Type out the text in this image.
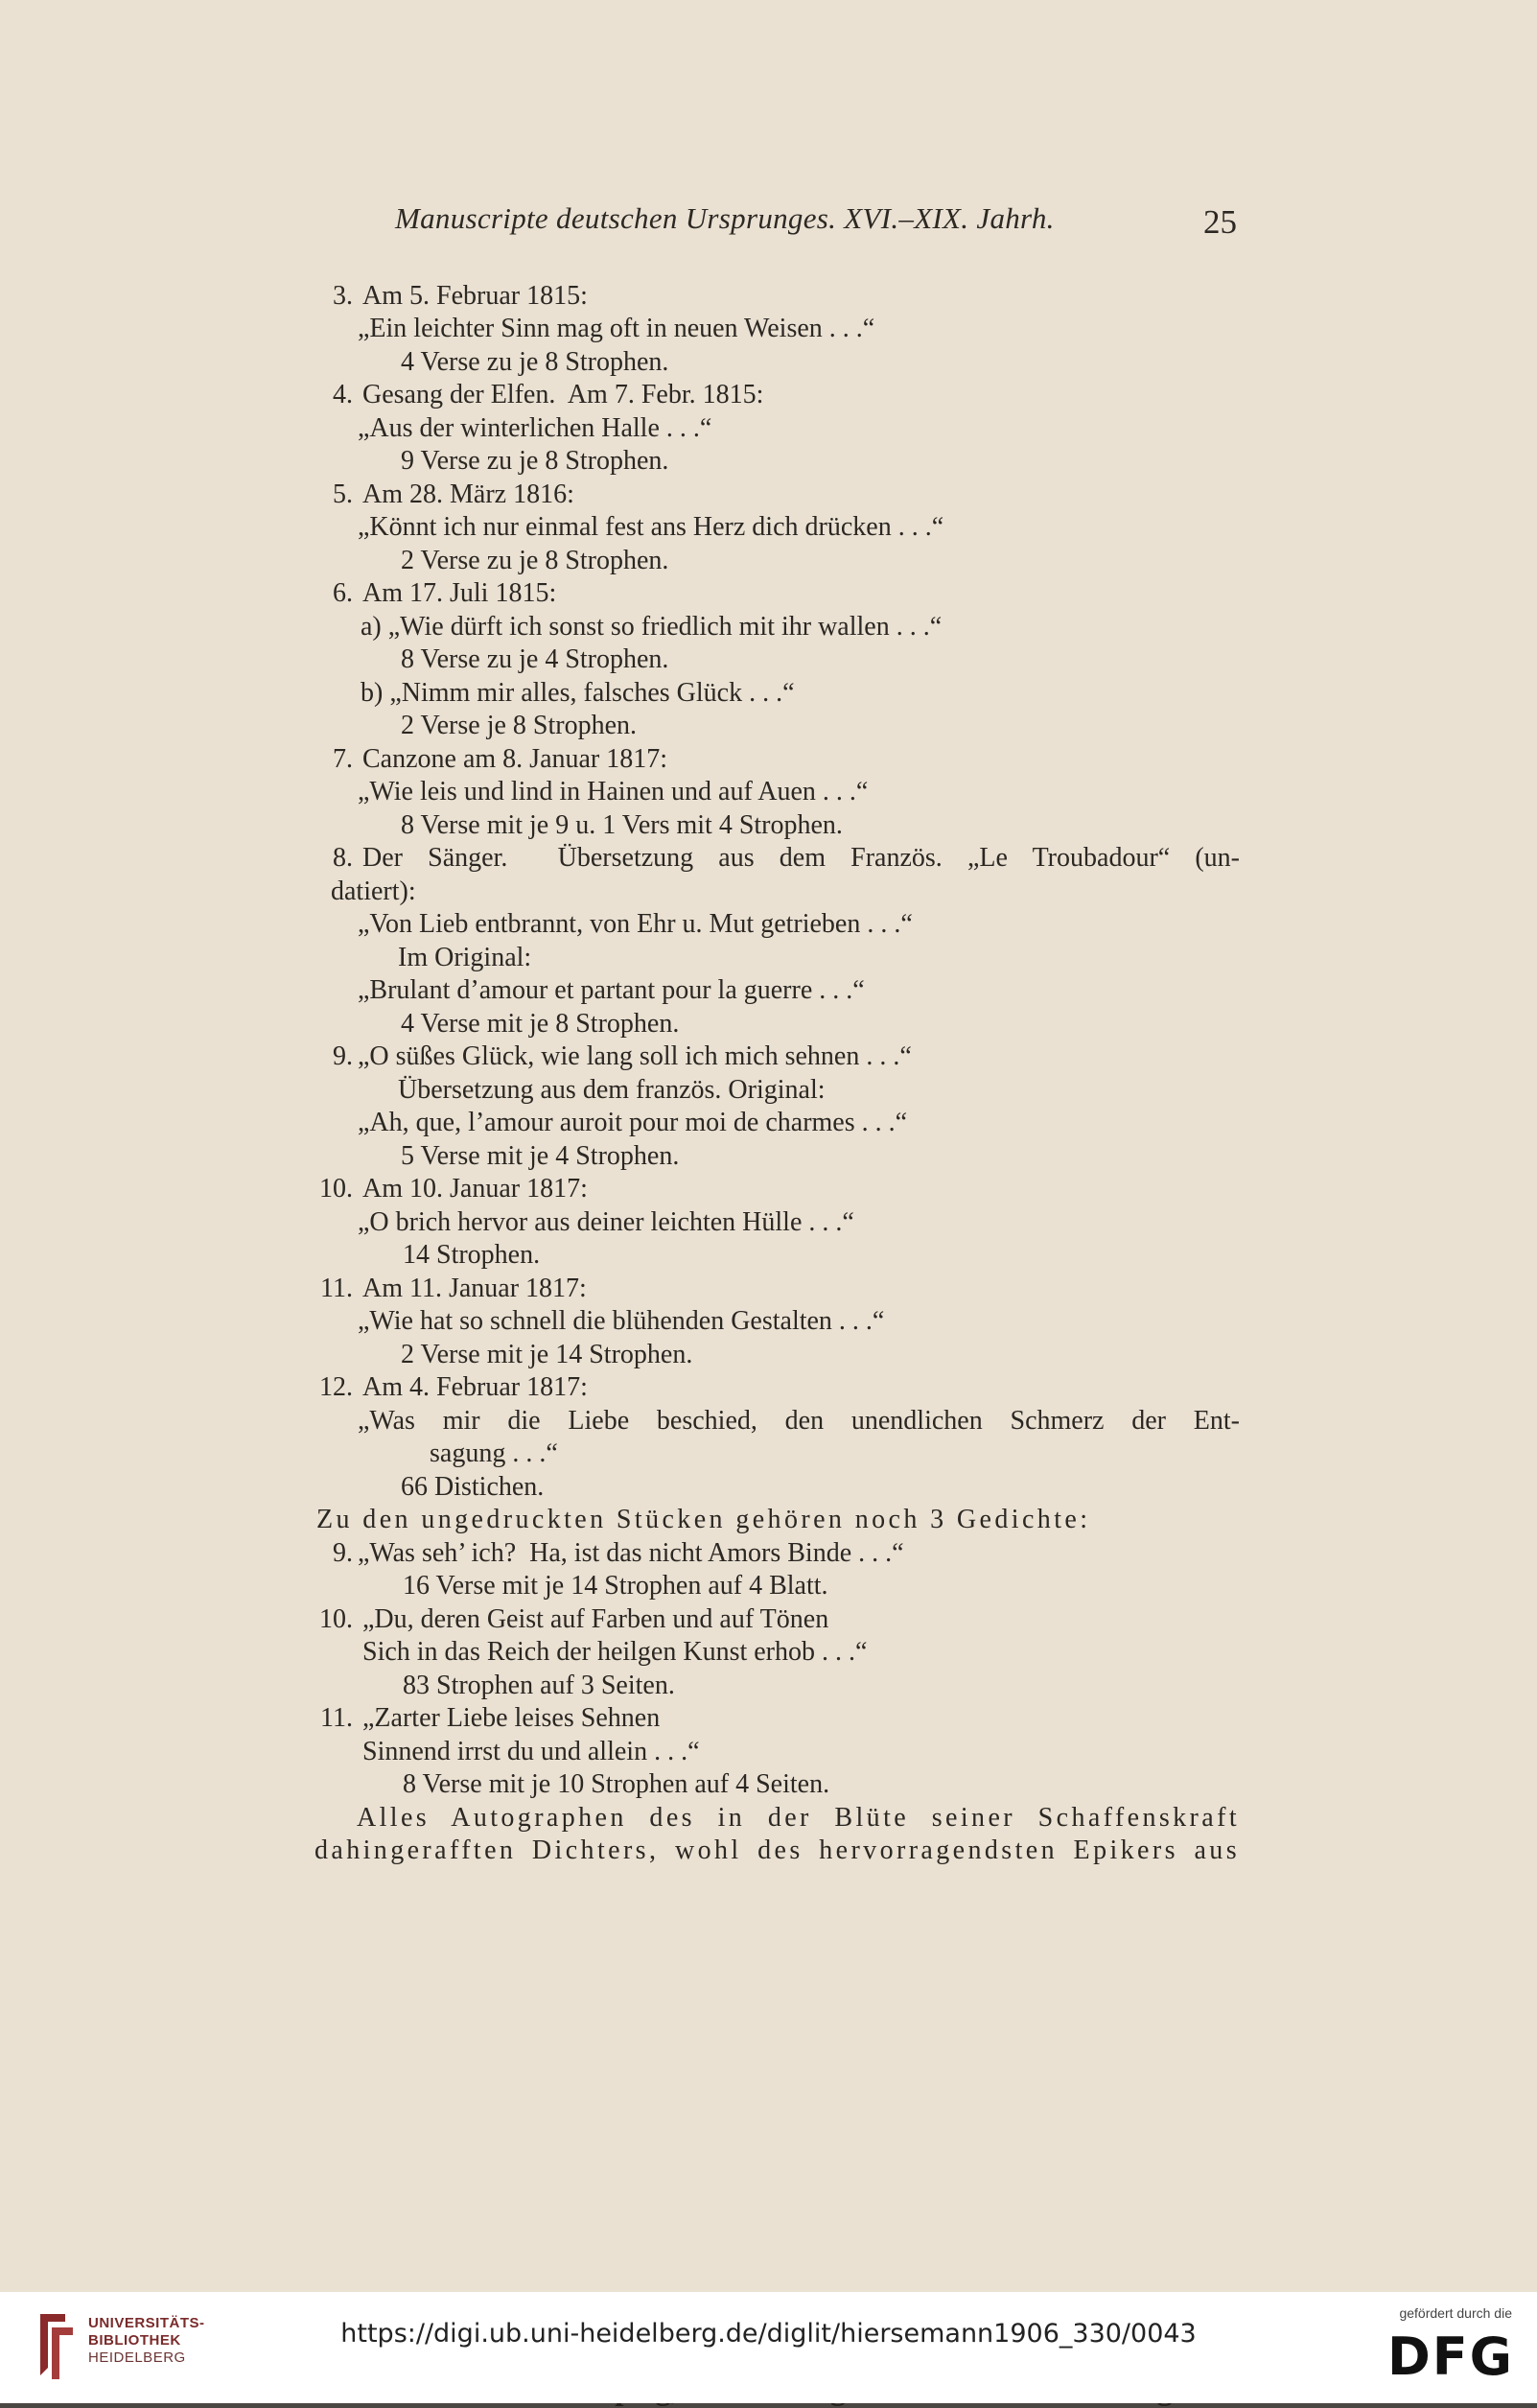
Manuscripte deutschen Ursprunges. XVI.–XIX. Jahrh.	25
3. Am 5. Februar 1815:
„Ein leichter Sinn mag oft in neuen Weisen . . .“
4 Verse zu je 8 Strophen.
4. Gesang der Elfen.  Am 7. Febr. 1815:
„Aus der winterlichen Halle . . .“
9 Verse zu je 8 Strophen.
5. Am 28. März 1816:
„Könnt ich nur einmal fest ans Herz dich drücken . . .“
2 Verse zu je 8 Strophen.
6. Am 17. Juli 1815:
a) „Wie dürft ich sonst so friedlich mit ihr wallen . . .“
8 Verse zu je 4 Strophen.
b) „Nimm mir alles, falsches Glück . . .“
2 Verse je 8 Strophen.
7. Canzone am 8. Januar 1817:
„Wie leis und lind in Hainen und auf Auen . . .“
8 Verse mit je 9 u. 1 Vers mit 4 Strophen.
8. Der Sänger.  Übersetzung aus dem Französ. „Le Troubadour“ (un-
datiert):
„Von Lieb entbrannt, von Ehr u. Mut getrieben . . .“
Im Original:
„Brulant d’amour et partant pour la guerre . . .“
4 Verse mit je 8 Strophen.
9. „O süßes Glück, wie lang soll ich mich sehnen . . .“
Übersetzung aus dem französ. Original:
„Ah, que, l’amour auroit pour moi de charmes . . .“
5 Verse mit je 4 Strophen.
10. Am 10. Januar 1817:
„O brich hervor aus deiner leichten Hülle . . .“
14 Strophen.
11. Am 11. Januar 1817:
„Wie hat so schnell die blühenden Gestalten . . .“
2 Verse mit je 14 Strophen.
12. Am 4. Februar 1817:
„Was mir die Liebe beschied, den unendlichen Schmerz der Ent-
sagung . . .“
66 Distichen.
Zu den ungedruckten Stücken gehören noch 3 Gedichte:
9. „Was seh’ ich?  Ha, ist das nicht Amors Binde . . .“
16 Verse mit je 14 Strophen auf 4 Blatt.
10. „Du, deren Geist auf Farben und auf Tönen
Sich in das Reich der heilgen Kunst erhob . . .“
83 Strophen auf 3 Seiten.
11. „Zarter Liebe leises Sehnen
Sinnend irrst du und allein . . .“
8 Verse mit je 10 Strophen auf 4 Seiten.
Alles Autographen des in der Blüte seiner Schaffenskraft
dahingerafften Dichters, wohl des hervorragendsten Epikers aus
UNIVERSITÄTS-
BIBLIOTHEK
HEIDELBERG
https://digi.ub.uni-heidelberg.de/diglit/hiersemann1906_330/0043
gefördert durch die
DFG
